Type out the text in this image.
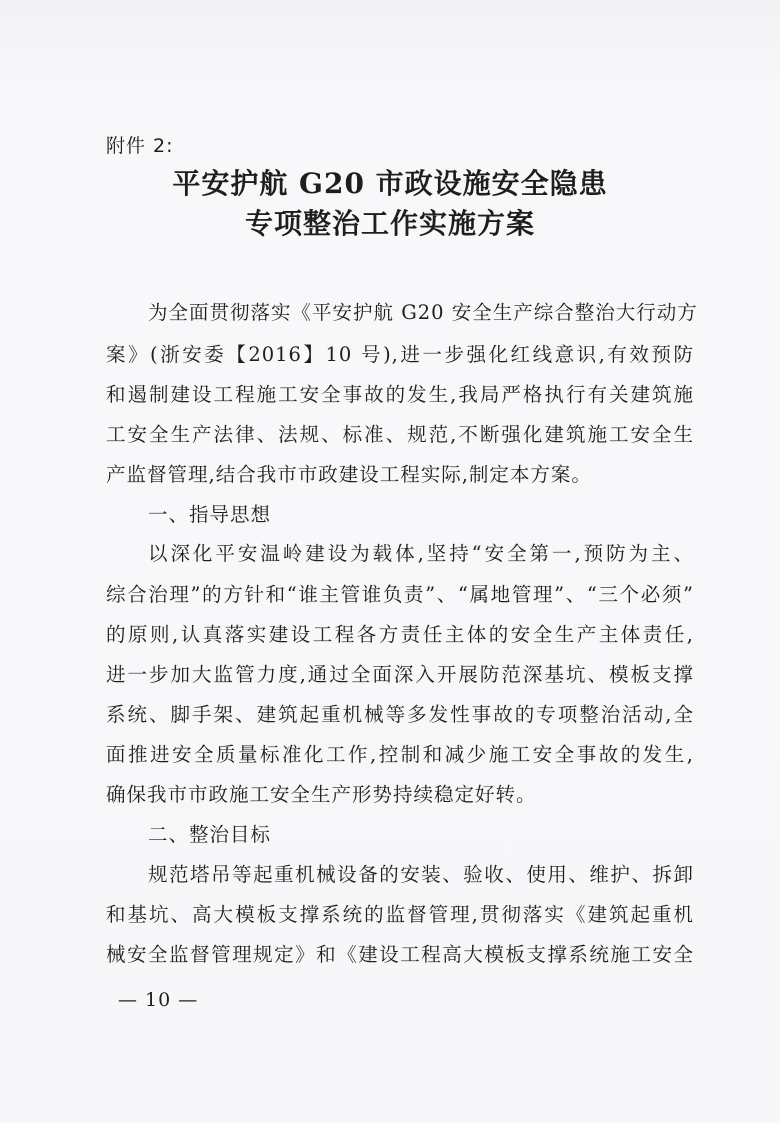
附件 2:
平安护航 G20 市政设施安全隐患
专项整治工作实施方案
为全面贯彻落实《平安护航 G20 安全生产综合整治大行动方
案》(浙安委【2016】10 号),进一步强化红线意识,有效预防
和遏制建设工程施工安全事故的发生,我局严格执行有关建筑施
工安全生产法律、法规、标准、规范,不断强化建筑施工安全生
产监督管理,结合我市市政建设工程实际,制定本方案。
一、指导思想
以深化平安温岭建设为载体,坚持“安全第一,预防为主、
综合治理”的方针和“谁主管谁负责”、“属地管理”、“三个必须”
的原则,认真落实建设工程各方责任主体的安全生产主体责任,
进一步加大监管力度,通过全面深入开展防范深基坑、模板支撑
系统、脚手架、建筑起重机械等多发性事故的专项整治活动,全
面推进安全质量标准化工作,控制和减少施工安全事故的发生,
确保我市市政施工安全生产形势持续稳定好转。
二、整治目标
规范塔吊等起重机械设备的安装、验收、使用、维护、拆卸
和基坑、高大模板支撑系统的监督管理,贯彻落实《建筑起重机
械安全监督管理规定》和《建设工程高大模板支撑系统施工安全
— 10 —
